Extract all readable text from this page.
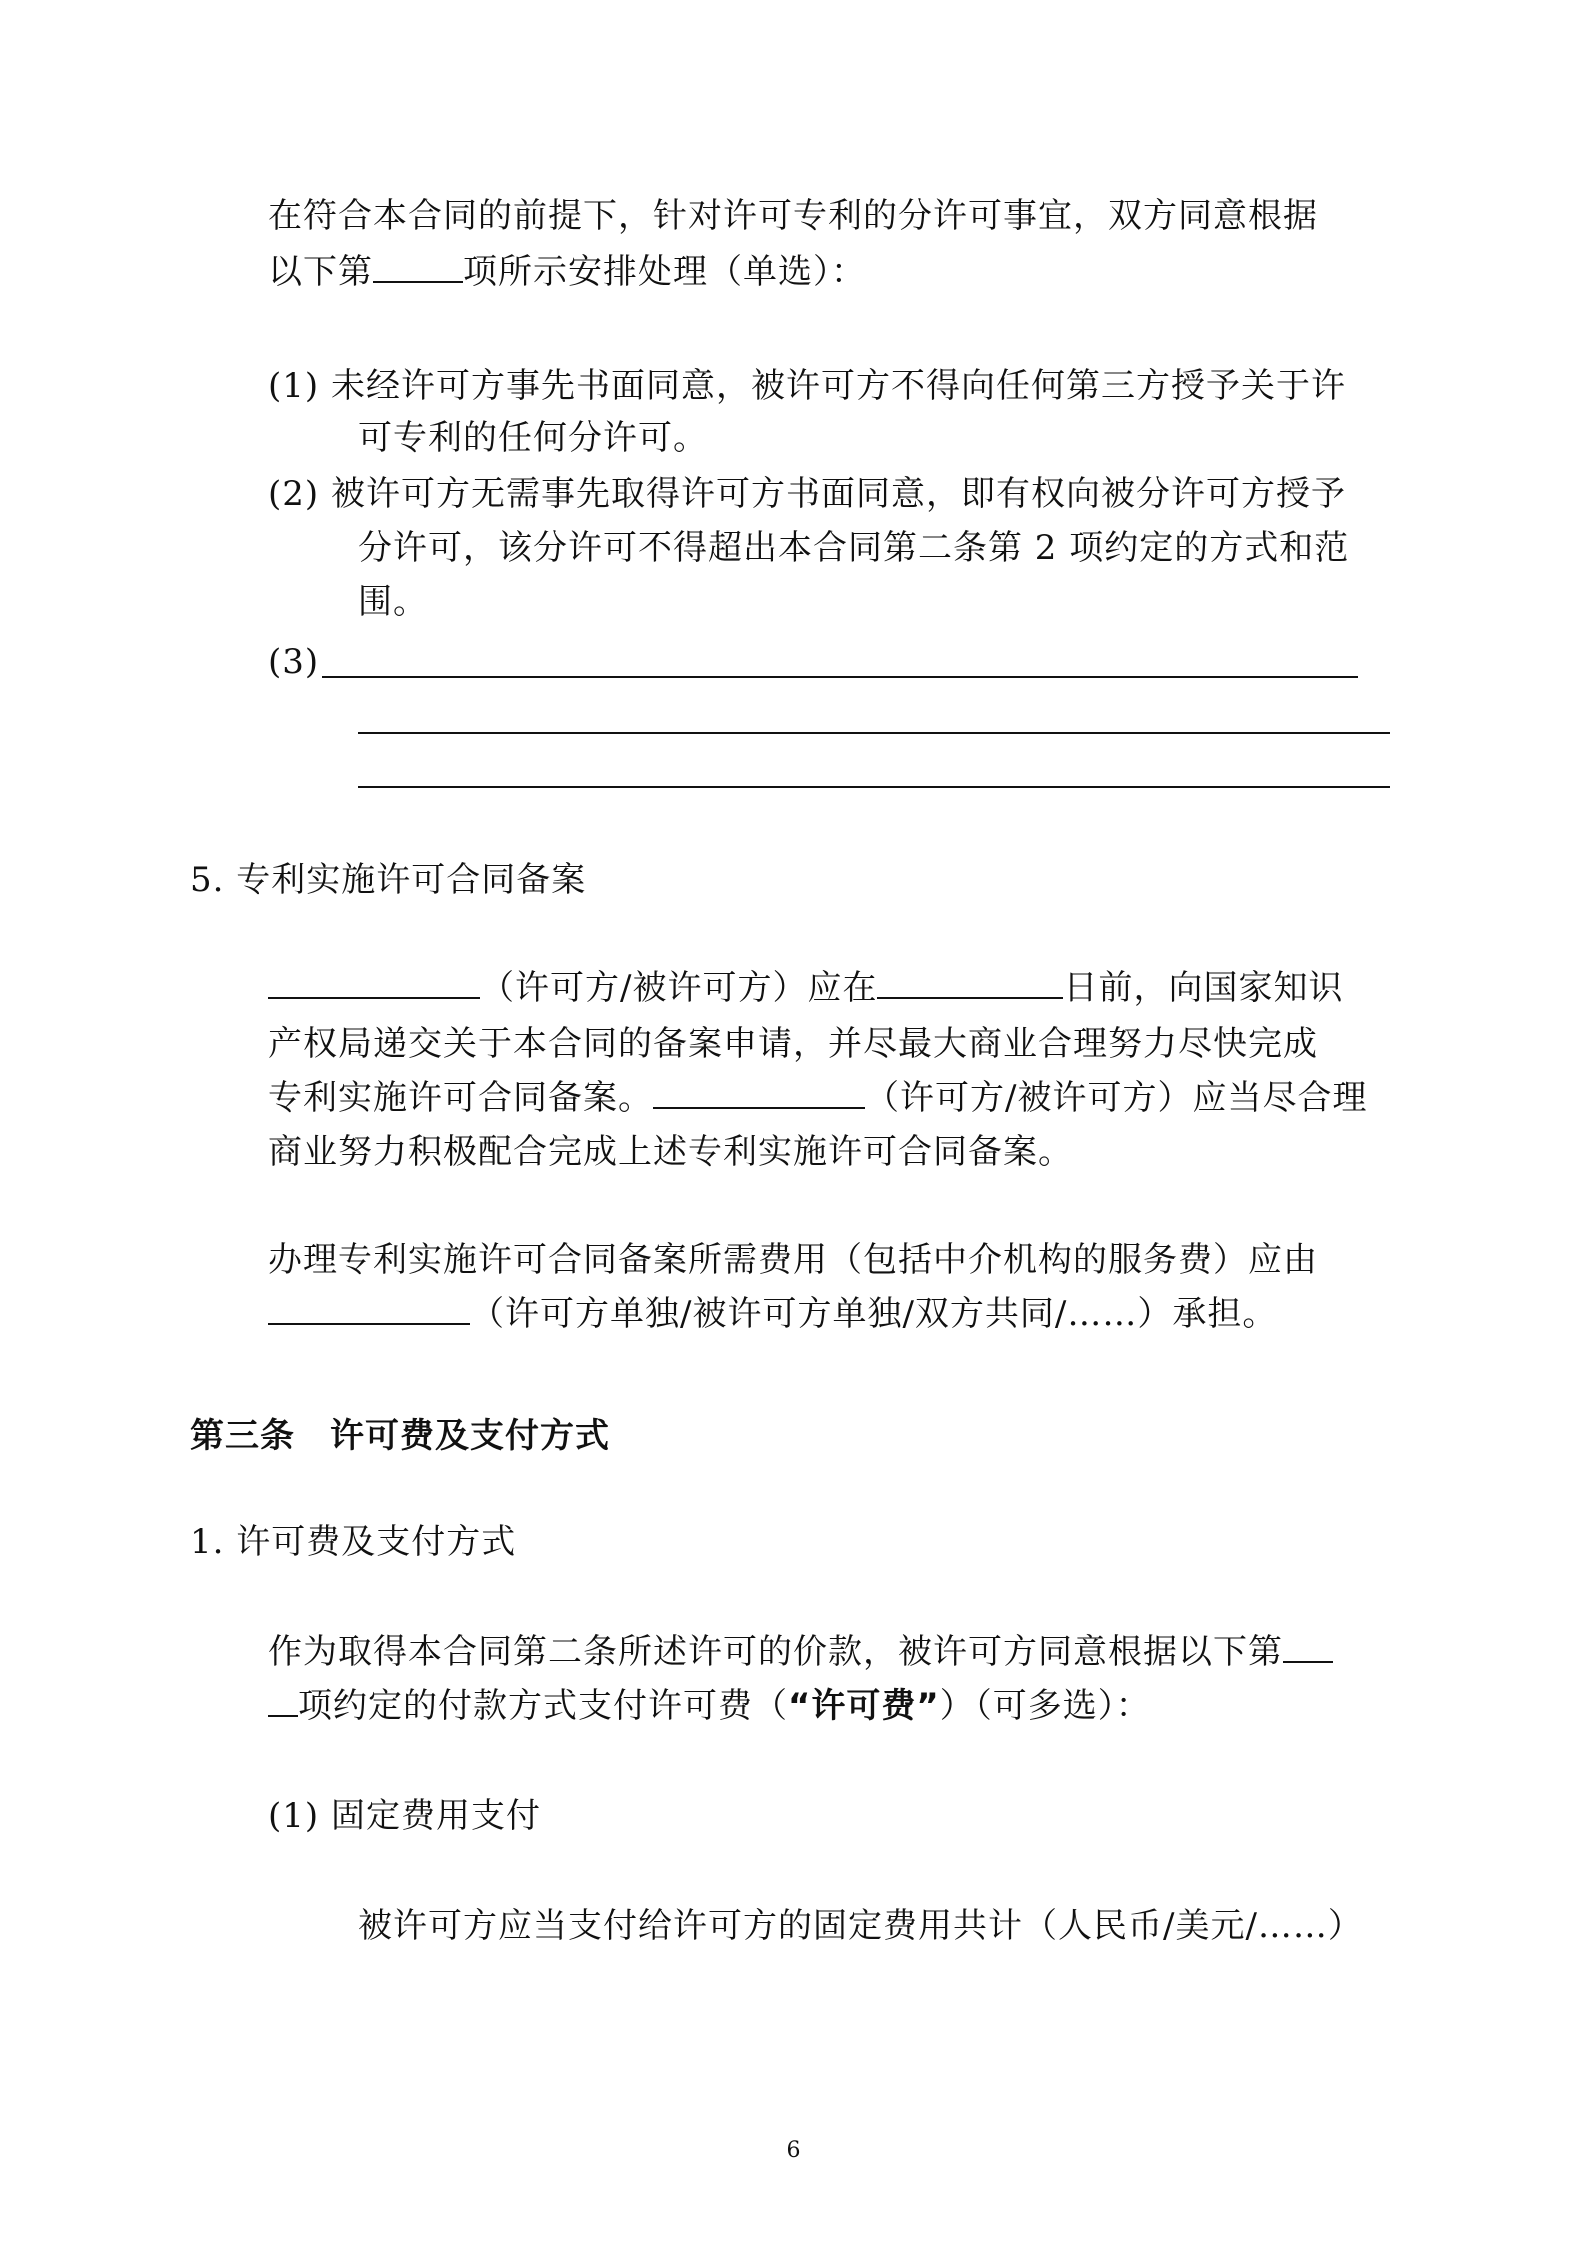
在符合本合同的前提下，针对许可专利的分许可事宜，双方同意根据
以下第	项所示安排处理（单选）：
(1) 未经许可方事先书面同意，被许可方不得向任何第三方授予关于许
可专利的任何分许可。
(2) 被许可方无需事先取得许可方书面同意，即有权向被分许可方授予
分许可，该分许可不得超出本合同第二条第 2 项约定的方式和范
围。
(3)
5. 专利实施许可合同备案
（许可方/被许可方）应在	日前，向国家知识
产权局递交关于本合同的备案申请，并尽最大商业合理努力尽快完成
专利实施许可合同备案。	（许可方/被许可方）应当尽合理
商业努力积极配合完成上述专利实施许可合同备案。
办理专利实施许可合同备案所需费用（包括中介机构的服务费）应由
（许可方单独/被许可方单独/双方共同/……）承担。
第三条　许可费及支付方式
1. 许可费及支付方式
作为取得本合同第二条所述许可的价款，被许可方同意根据以下第
项约定的付款方式支付许可费（“许可费”）（可多选）：
(1) 固定费用支付
被许可方应当支付给许可方的固定费用共计（人民币/美元/……）
6
